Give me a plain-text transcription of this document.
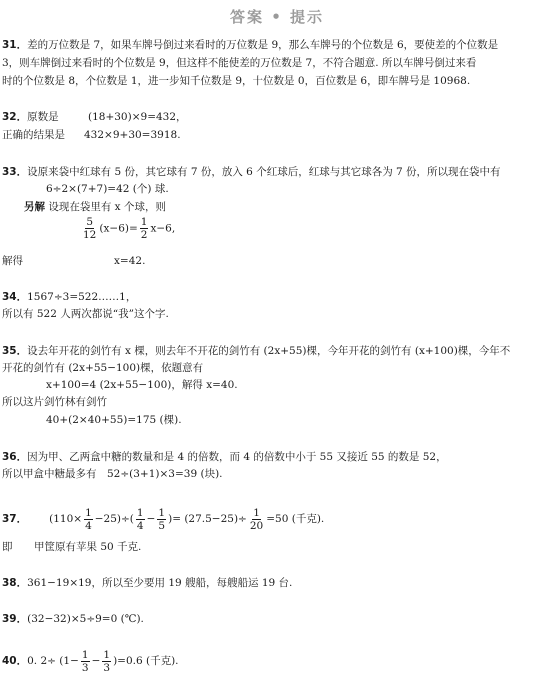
答案 • 提示
31．差的万位数是 7，如果车牌号倒过来看时的万位数是 9，那么车牌号的个位数是 6，要使差的个位数是
3，则车牌倒过来看时的个位数是 9，但这样不能使差的万位数是 7，不符合题意. 所以车牌号倒过来看
时的个位数是 8，个位数是 1，进一步知千位数是 9，十位数是 0，百位数是 6，即车牌号是 10968.
32．原数是	(18+30)×9=432，
正确的结果是 432×9+30=3918.
33．设原来袋中红球有 5 份，其它球有 7 份，放入 6 个红球后，红球与其它球各为 7 份，所以现在袋中有
6÷2×(7+7)=42 (个) 球.
另解 设现在袋里有 x 个球，则
$\frac{5}{12} (x-6)= \frac{1}{2} x-6$,
解得	x=42.
34．1567÷3=522……1，
所以有 522 人两次都说“我”这个字.
35．设去年开花的剑竹有 x 棵，则去年不开花的剑竹有 (2x+55)棵，今年开花的剑竹有 (x+100)棵，今年不
开花的剑竹有 (2x+55−100)棵，依题意有
x+100=4 (2x+55−100)，解得 x=40.
所以这片剑竹林有剑竹
40+(2×40+55)=175 (棵).
36．因为甲、乙两盒中糖的数量和是 4 的倍数，而 4 的倍数中小于 55 又接近 55 的数是 52，
所以甲盒中糖最多有　52÷(3+1)×3=39 (块).
37． $(110\times \frac{1}{4} -25)\div( \frac{1}{4} - \frac{1}{5}$ )= $(27.5-25)\div \frac{1}{20} =50$ (千克).
即 甲筐原有苹果 50 千克.
38．361−19×19，所以至少要用 19 艘船，每艘船运 19 台.
39．(32−32)×5÷9=0 (℃).
40．0. $2\div (1- \frac{1}{3} - \frac{1}{3} )=0.6$ (千克).
